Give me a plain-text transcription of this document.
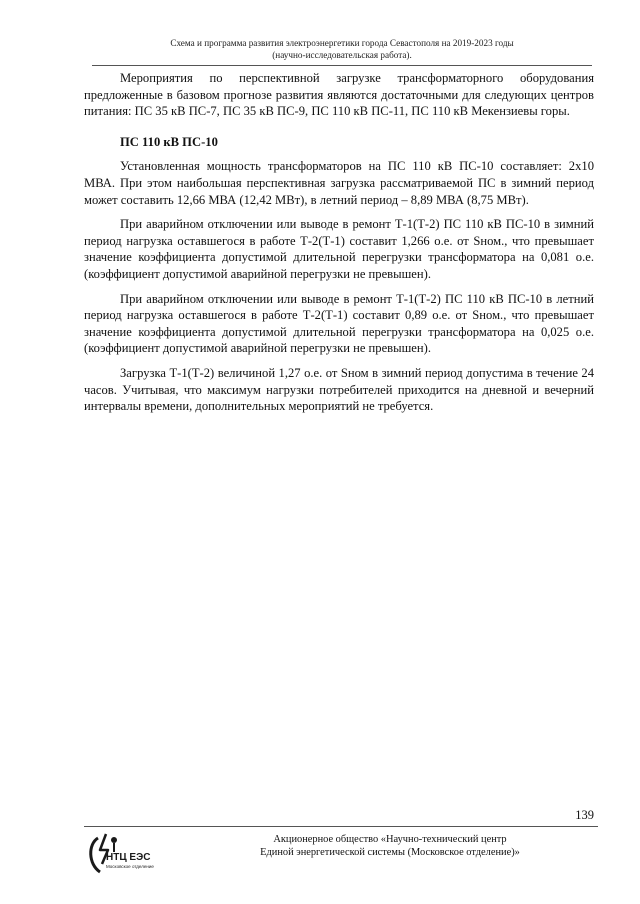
Схема и программа развития электроэнергетики города Севастополя на 2019-2023 годы
(научно-исследовательская работа).

Мероприятия по перспективной загрузке трансформаторного оборудования предложенные в базовом прогнозе развития являются достаточными для следующих центров питания: ПС 35 кВ ПС-7, ПС 35 кВ ПС-9, ПС 110 кВ ПС-11, ПС 110 кВ Мекензиевы горы.

ПС 110 кВ ПС-10

Установленная мощность трансформаторов на ПС 110 кВ ПС-10 составляет: 2x10 МВА. При этом наибольшая перспективная загрузка рассматриваемой ПС в зимний период может составить 12,66 МВА (12,42 МВт), в летний период – 8,89 МВА (8,75 МВт).

При аварийном отключении или выводе в ремонт Т-1(Т-2) ПС 110 кВ ПС-10 в зимний период нагрузка оставшегося в работе Т-2(Т-1) составит 1,266 о.е. от Sном., что превышает значение коэффициента допустимой длительной перегрузки трансформатора на 0,081 о.е. (коэффициент допустимой аварийной перегрузки не превышен).

При аварийном отключении или выводе в ремонт Т-1(Т-2) ПС 110 кВ ПС-10 в летний период нагрузка оставшегося в работе Т-2(Т-1) составит 0,89 о.е. от Sном., что превышает значение коэффициента допустимой длительной перегрузки трансформатора на 0,025 о.е. (коэффициент допустимой аварийной перегрузки не превышен).

Загрузка Т-1(Т-2) величиной 1,27 о.е. от Sном в зимний период допустима в течение 24 часов. Учитывая, что максимум нагрузки потребителей приходится на дневной и вечерний интервалы времени, дополнительных мероприятий не требуется.

139
НТЦ ЕЭС
Московское отделение
Акционерное общество «Научно-технический центр
Единой энергетической системы (Московское отделение)»
